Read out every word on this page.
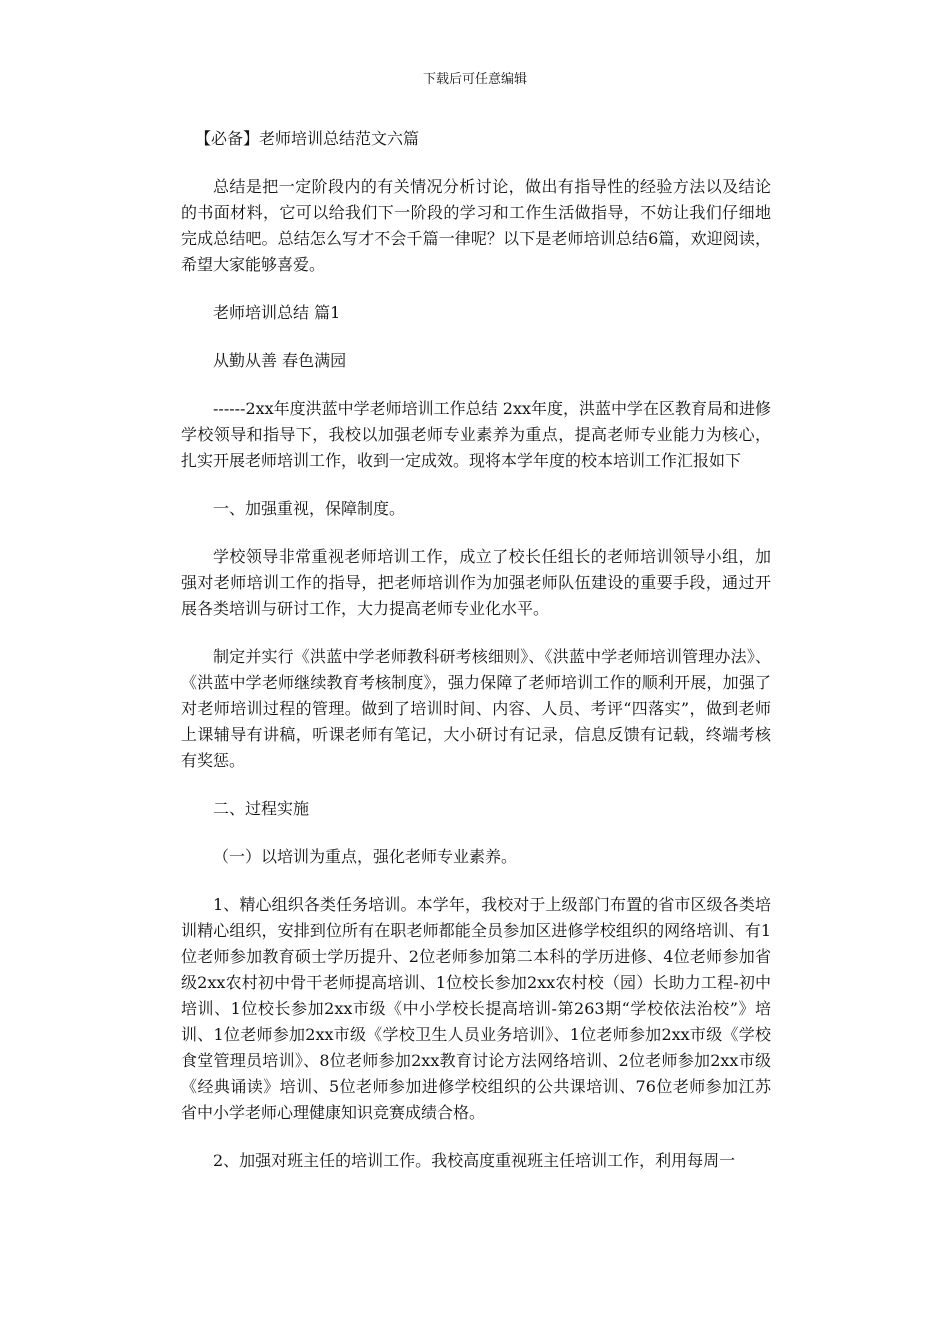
下载后可任意编辑
【必备】老师培训总结范文六篇

总结是把一定阶段内的有关情况分析讨论，做出有指导性的经验方法以及结论的书面材料，它可以给我们下一阶段的学习和工作生活做指导，不妨让我们仔细地完成总结吧。总结怎么写才不会千篇一律呢？以下是老师培训总结6篇，欢迎阅读，希望大家能够喜爱。

老师培训总结 篇1

从勤从善 春色满园

------2xx年度洪蓝中学老师培训工作总结 2xx年度，洪蓝中学在区教育局和进修学校领导和指导下，我校以加强老师专业素养为重点，提高老师专业能力为核心，扎实开展老师培训工作，收到一定成效。现将本学年度的校本培训工作汇报如下

一、加强重视，保障制度。

学校领导非常重视老师培训工作，成立了校长任组长的老师培训领导小组，加强对老师培训工作的指导，把老师培训作为加强老师队伍建设的重要手段，通过开展各类培训与研讨工作，大力提高老师专业化水平。

制定并实行《洪蓝中学老师教科研考核细则》、《洪蓝中学老师培训管理办法》、《洪蓝中学老师继续教育考核制度》，强力保障了老师培训工作的顺利开展，加强了对老师培训过程的管理。做到了培训时间、内容、人员、考评“四落实”，做到老师上课辅导有讲稿，听课老师有笔记，大小研讨有记录，信息反馈有记载，终端考核有奖惩。

二、过程实施

（一）以培训为重点，强化老师专业素养。

1、精心组织各类任务培训。本学年，我校对于上级部门布置的省市区级各类培训精心组织，安排到位所有在职老师都能全员参加区进修学校组织的网络培训、有1位老师参加教育硕士学历提升、2位老师参加第二本科的学历进修、4位老师参加省级2xx农村初中骨干老师提高培训、1位校长参加2xx农村校（园）长助力工程-初中培训、1位校长参加2xx市级《中小学校长提高培训-第263期“学校依法治校”》培训、1位老师参加2xx市级《学校卫生人员业务培训》、1位老师参加2xx市级《学校食堂管理员培训》、8位老师参加2xx教育讨论方法网络培训、2位老师参加2xx市级《经典诵读》培训、5位老师参加进修学校组织的公共课培训、76位老师参加江苏省中小学老师心理健康知识竞赛成绩合格。

2、加强对班主任的培训工作。我校高度重视班主任培训工作，利用每周一
